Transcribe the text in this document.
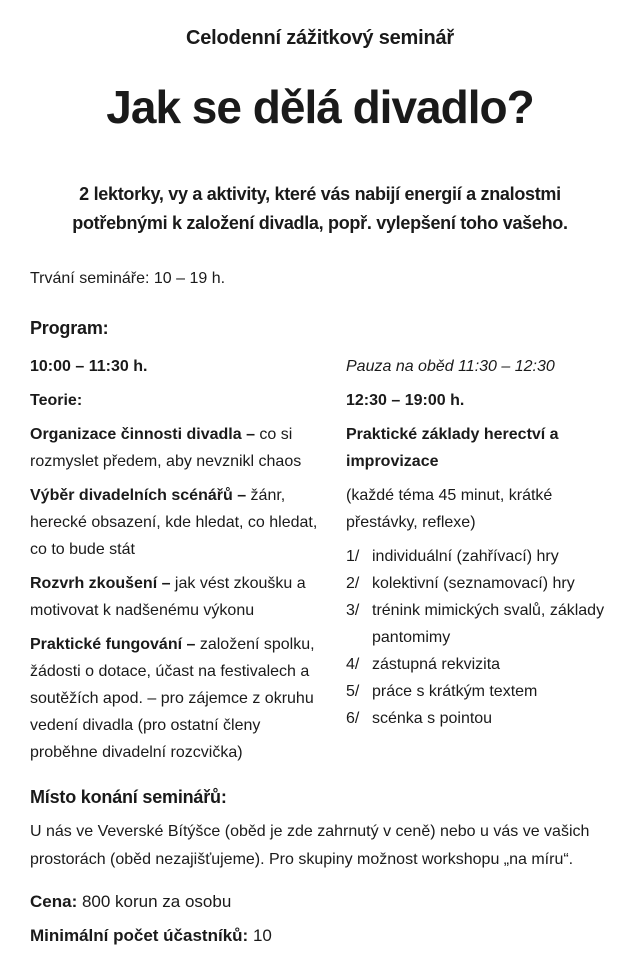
Celodenní zážitkový seminář
Jak se dělá divadlo?
2 lektorky, vy a aktivity, které vás nabijí energií a znalostmi
potřebnými k založení divadla, popř. vylepšení toho vašeho.

Trvání semináře: 10 – 19 h.

Program:

10:00 – 11:30 h.

Teorie:

Organizace činnosti divadla – co si rozmyslet předem, aby nevznikl chaos

Výběr divadelních scénářů – žánr, herecké obsazení, kde hledat, co hledat, co to bude stát

Rozvrh zkoušení – jak vést zkoušku a motivovat k nadšenému výkonu

Praktické fungování – založení spolku, žádosti o dotace, účast na festivalech a soutěžích apod. – pro zájemce z okruhu vedení divadla (pro ostatní členy proběhne divadelní rozcvička)

Pauza na oběd 11:30 – 12:30

12:30 – 19:00 h.

Praktické základy herectví a improvizace

(každé téma 45 minut, krátké přestávky, reflexe)

1/ individuální (zahřívací) hry
2/ kolektivní (seznamovací) hry
3/ trénink mimických svalů, základy pantomimy
4/ zástupná rekvizita
5/ práce s krátkým textem
6/ scénka s pointou
Místo konání seminářů:

U nás ve Veverské Bítýšce (oběd je zde zahrnutý v ceně) nebo u vás ve vašich prostorách (oběd nezajišťujeme). Pro skupiny možnost workshopu „na míru“.

Cena: 800 korun za osobu

Minimální počet účastníků: 10
